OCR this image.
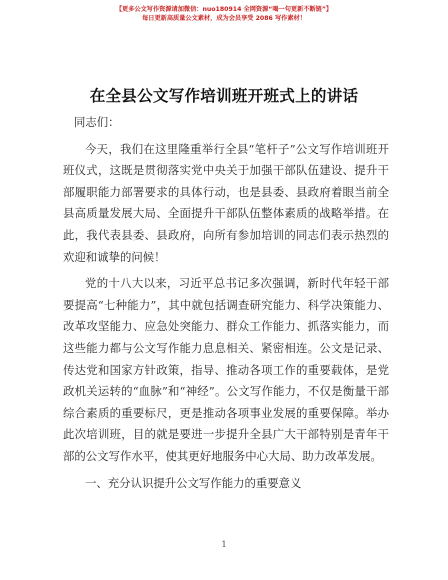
【更多公文写作资源请加微信：nuo180914 全网资源“喝一句更新不断链”】
每日更新高质量公文素材，成为会员享受 2086 写作素材！
在全县公文写作培训班开班式上的讲话

同志们：

今天，我们在这里隆重举行全县“笔杆子”公文写作培训班开班仪式，这既是贯彻落实党中央关于加强干部队伍建设、提升干部履职能力部署要求的具体行动，也是县委、县政府着眼当前全县高质量发展大局、全面提升干部队伍整体素质的战略举措。在此，我代表县委、县政府，向所有参加培训的同志们表示热烈的欢迎和诚挚的问候！

党的十八大以来，习近平总书记多次强调，新时代年轻干部要提高“七种能力”，其中就包括调查研究能力、科学决策能力、改革攻坚能力、应急处突能力、群众工作能力、抓落实能力，而这些能力都与公文写作能力息息相关、紧密相连。公文是记录、传达党和国家方针政策，指导、推动各项工作的重要载体，是党政机关运转的“血脉”和“神经”。公文写作能力，不仅是衡量干部综合素质的重要标尺，更是推动各项事业发展的重要保障。举办此次培训班，目的就是要进一步提升全县广大干部特别是青年干部的公文写作水平，使其更好地服务中心大局、助力改革发展。

一、充分认识提升公文写作能力的重要意义

1
